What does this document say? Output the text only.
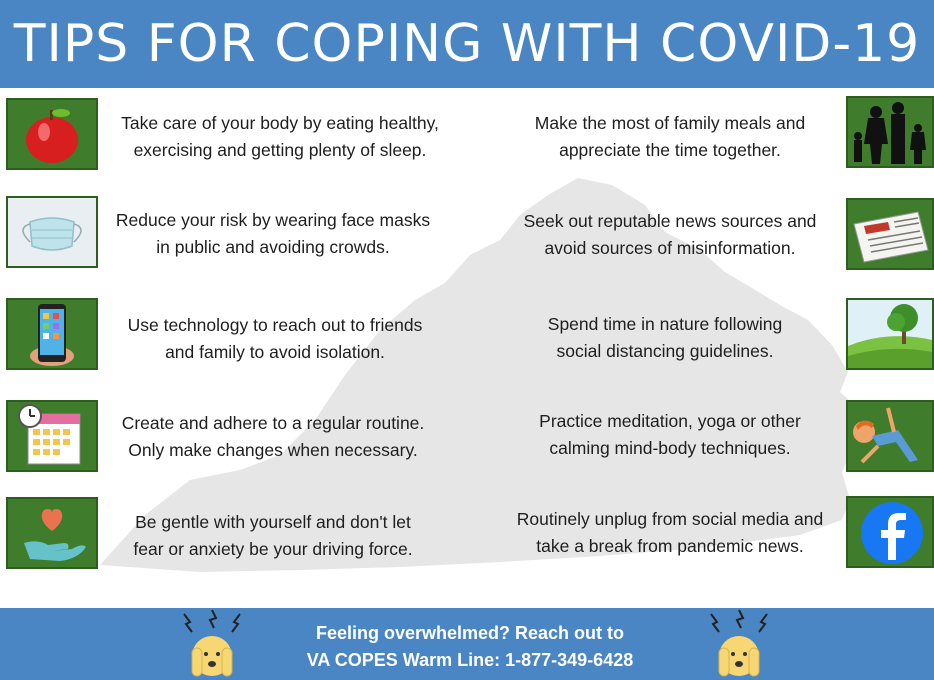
TIPS FOR COPING WITH COVID-19
Take care of your body by eating healthy,
exercising and getting plenty of sleep.
Reduce your risk by wearing face masks
in public and avoiding crowds.
Use technology to reach out to friends
and family to avoid isolation.
Create and adhere to a regular routine.
Only make changes when necessary.
Be gentle with yourself and don't let
fear or anxiety be your driving force.
Make the most of family meals and
appreciate the time together.
Seek out reputable news sources and
avoid sources of misinformation.
Spend time in nature following
social distancing guidelines.
Practice meditation, yoga or other
calming mind-body techniques.
Routinely unplug from social media and
take a break from pandemic news.
Feeling overwhelmed? Reach out to
VA COPES Warm Line: 1-877-349-6428
